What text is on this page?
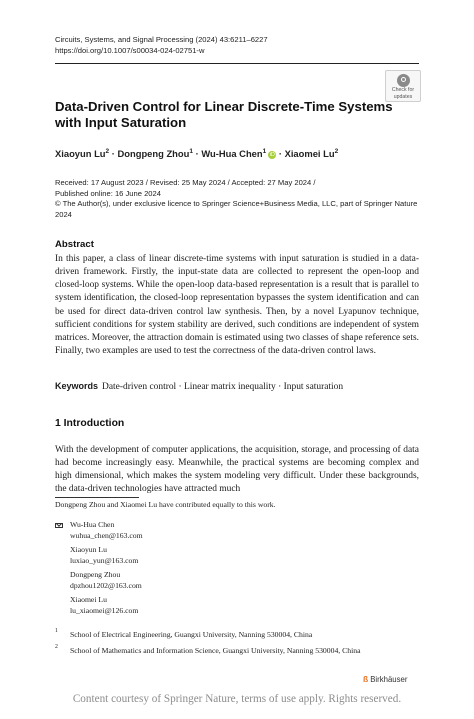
Circuits, Systems, and Signal Processing (2024) 43:6211–6227
https://doi.org/10.1007/s00034-024-02751-w
Check for
updates
Data-Driven Control for Linear Discrete-Time Systems with Input Saturation
Xiaoyun $Lu^2$ · Dongpeng Zhou$^1$ · Wu-Hua Chen$^1$iD · Xiaomei Lu$^2$
Received: 17 August 2023 / Revised: 25 May 2024 / Accepted: 27 May 2024 /
Published online: 16 June 2024
© The Author(s), under exclusive licence to Springer Science+Business Media, LLC, part of Springer Nature
2024
Abstract
In this paper, a class of linear discrete-time systems with input saturation is studied in a data-driven framework. Firstly, the input-state data are collected to represent the open-loop and closed-loop systems. While the open-loop data-based representation is a result that is parallel to system identification, the closed-loop representation bypasses the system identification and can be used for direct data-driven control law synthesis. Then, by a novel Lyapunov technique, sufficient conditions for system stability are derived, such conditions are independent of system matrices. Moreover, the attraction domain is estimated using two classes of shape reference sets. Finally, two examples are used to test the correctness of the data-driven control laws.
Keywords Date-driven control · Linear matrix inequality · Input saturation
1 Introduction
With the development of computer applications, the acquisition, storage, and processing of data had become increasingly easy. Meanwhile, the practical systems are becoming complex and high dimensional, which makes the system modeling very difficult. Under these backgrounds, the data-driven technologies have attracted much
Dongpeng Zhou and Xiaomei Lu have contributed equally to this work.
Wu-Hua Chen
wuhua_chen@163.com
Xiaoyun Lu
luxiao_yun@163.com
Dongpeng Zhou
dpzhou1202@163.com
Xiaomei Lu
lu_xiaomei@126.com
1 School of Electrical Engineering, Guangxi University, Nanning 530004, China
2 School of Mathematics and Information Science, Guangxi University, Nanning 530004, China
ß Birkhäuser
Content courtesy of Springer Nature, terms of use apply. Rights reserved.
